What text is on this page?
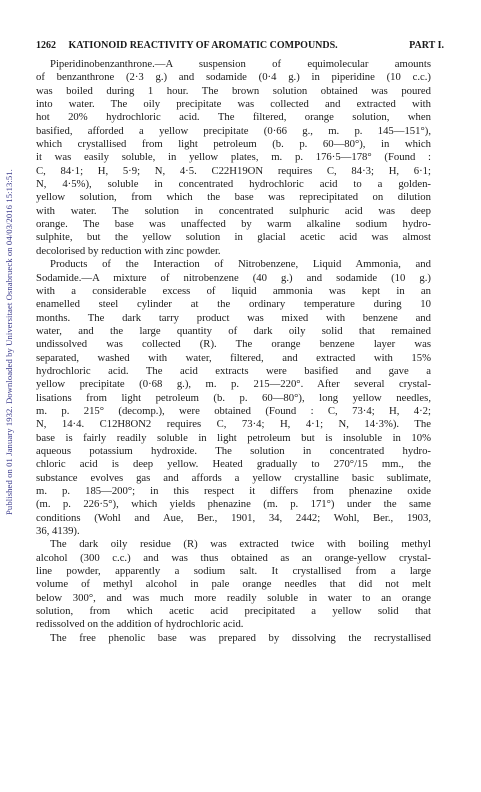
Published on 01 January 1932. Downloaded by Universitaet Osnabrueck on 04/03/2016 15:13:51.
1262 KATIONOID REACTIVITY OF AROMATIC COMPOUNDS.	PART I.
Piperidinobenzanthrone.—A suspension of equimolecular amounts
of benzanthrone (2·3 g.) and sodamide (0·4 g.) in piperidine (10 c.c.)
was boiled during 1 hour. The brown solution obtained was poured
into water. The oily precipitate was collected and extracted with
hot 20% hydrochloric acid. The filtered, orange solution, when
basified, afforded a yellow precipitate (0·66 g., m. p. 145—151°),
which crystallised from light petroleum (b. p. 60—80°), in which
it was easily soluble, in yellow plates, m. p. 176·5—178° (Found :
C, 84·1; H, 5·9; N, 4·5. C22H19ON requires C, 84·3; H, 6·1;
N, 4·5%), soluble in concentrated hydrochloric acid to a golden-
yellow solution, from which the base was reprecipitated on dilution
with water. The solution in concentrated sulphuric acid was deep
orange. The base was unaffected by warm alkaline sodium hydro-
sulphite, but the yellow solution in glacial acetic acid was almost
decolorised by reduction with zinc powder.
Products of the Interaction of Nitrobenzene, Liquid Ammonia, and
Sodamide.—A mixture of nitrobenzene (40 g.) and sodamide (10 g.)
with a considerable excess of liquid ammonia was kept in an
enamelled steel cylinder at the ordinary temperature during 10
months. The dark tarry product was mixed with benzene and
water, and the large quantity of dark oily solid that remained
undissolved was collected (R). The orange benzene layer was
separated, washed with water, filtered, and extracted with 15%
hydrochloric acid. The acid extracts were basified and gave a
yellow precipitate (0·68 g.), m. p. 215—220°. After several crystal-
lisations from light petroleum (b. p. 60—80°), long yellow needles,
m. p. 215° (decomp.), were obtained (Found : C, 73·4; H, 4·2;
N, 14·4. C12H8ON2 requires C, 73·4; H, 4·1; N, 14·3%). The
base is fairly readily soluble in light petroleum but is insoluble in 10%
aqueous potassium hydroxide. The solution in concentrated hydro-
chloric acid is deep yellow. Heated gradually to 270°/15 mm., the
substance evolves gas and affords a yellow crystalline basic sublimate,
m. p. 185—200°; in this respect it differs from phenazine oxide
(m. p. 226·5°), which yields phenazine (m. p. 171°) under the same
conditions (Wohl and Aue, Ber., 1901, 34, 2442; Wohl, Ber., 1903,
36, 4139).
The dark oily residue (R) was extracted twice with boiling methyl
alcohol (300 c.c.) and was thus obtained as an orange-yellow crystal-
line powder, apparently a sodium salt. It crystallised from a large
volume of methyl alcohol in pale orange needles that did not melt
below 300°, and was much more readily soluble in water to an orange
solution, from which acetic acid precipitated a yellow solid that
redissolved on the addition of hydrochloric acid.
The free phenolic base was prepared by dissolving the recrystallised
